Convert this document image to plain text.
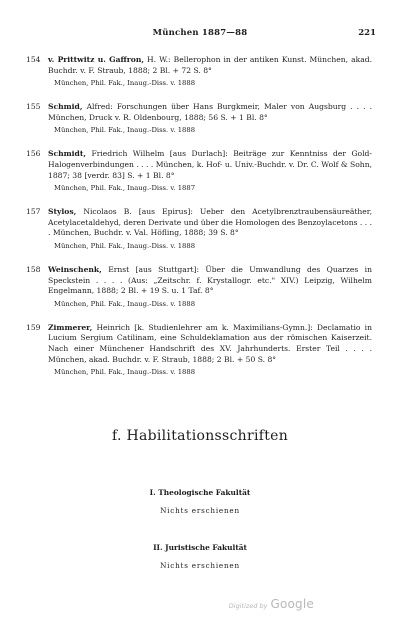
München 1887—88	221
154 v. Prittwitz u. Gaffron, H. W.: Bellerophon in der antiken Kunst. München, akad. Buchdr. v. F. Straub, 1888; 2 Bl. + 72 S. 8°
München, Phil. Fak., Inaug.-Diss. v. 1888
155 Schmid, Alfred: Forschungen über Hans Burgkmeir, Maler von Augsburg . . . . München, Druck v. R. Oldenbourg, 1888; 56 S. + 1 Bl. 8°
München, Phil. Fak., Inaug.-Diss. v. 1888
156 Schmidt, Friedrich Wilhelm [aus Durlach]: Beiträge zur Kenntniss der Gold-Halogenverbindungen . . . . München, k. Hof- u. Univ.-Buchdr. v. Dr. C. Wolf & Sohn, 1887; 38 [verdr. 83] S. + 1 Bl. 8°
München, Phil. Fak., Inaug.-Diss. v. 1887
157 Stylos, Nicolaos B. [aus Epirus]: Ueber den Acetylbrenztraubensäureäther, Acetylacetaldehyd, deren Derivate und über die Homologen des Benzoylacetons . . . . München, Buchdr. v. Val. Höfling, 1888; 39 S. 8°
München, Phil. Fak., Inaug.-Diss. v. 1888
158 Weinschenk, Ernst [aus Stuttgart]: Über die Umwandlung des Quarzes in Speckstein . . . . (Aus: „Zeitschr. f. Krystallogr. etc." XIV.) Leipzig, Wilhelm Engelmann, 1888; 2 Bl. + 19 S. u. 1 Taf. 8°
München, Phil. Fak., Inaug.-Diss. v. 1888
159 Zimmerer, Heinrich [k. Studienlehrer am k. Maximilians-Gymn.]: Declamatio in Lucium Sergium Catilinam, eine Schuldeklamation aus der römischen Kaiserzeit. Nach einer Münchener Handschrift des XV. Jahrhunderts. Erster Teil . . . . München, akad. Buchdr. v. F. Straub, 1888; 2 Bl. + 50 S. 8°
München, Phil. Fak., Inaug.-Diss. v. 1888
f. Habilitationsschriften
I. Theologische Fakultät
Nichts erschienen
II. Juristische Fakultät
Nichts erschienen
Digitized by Google
